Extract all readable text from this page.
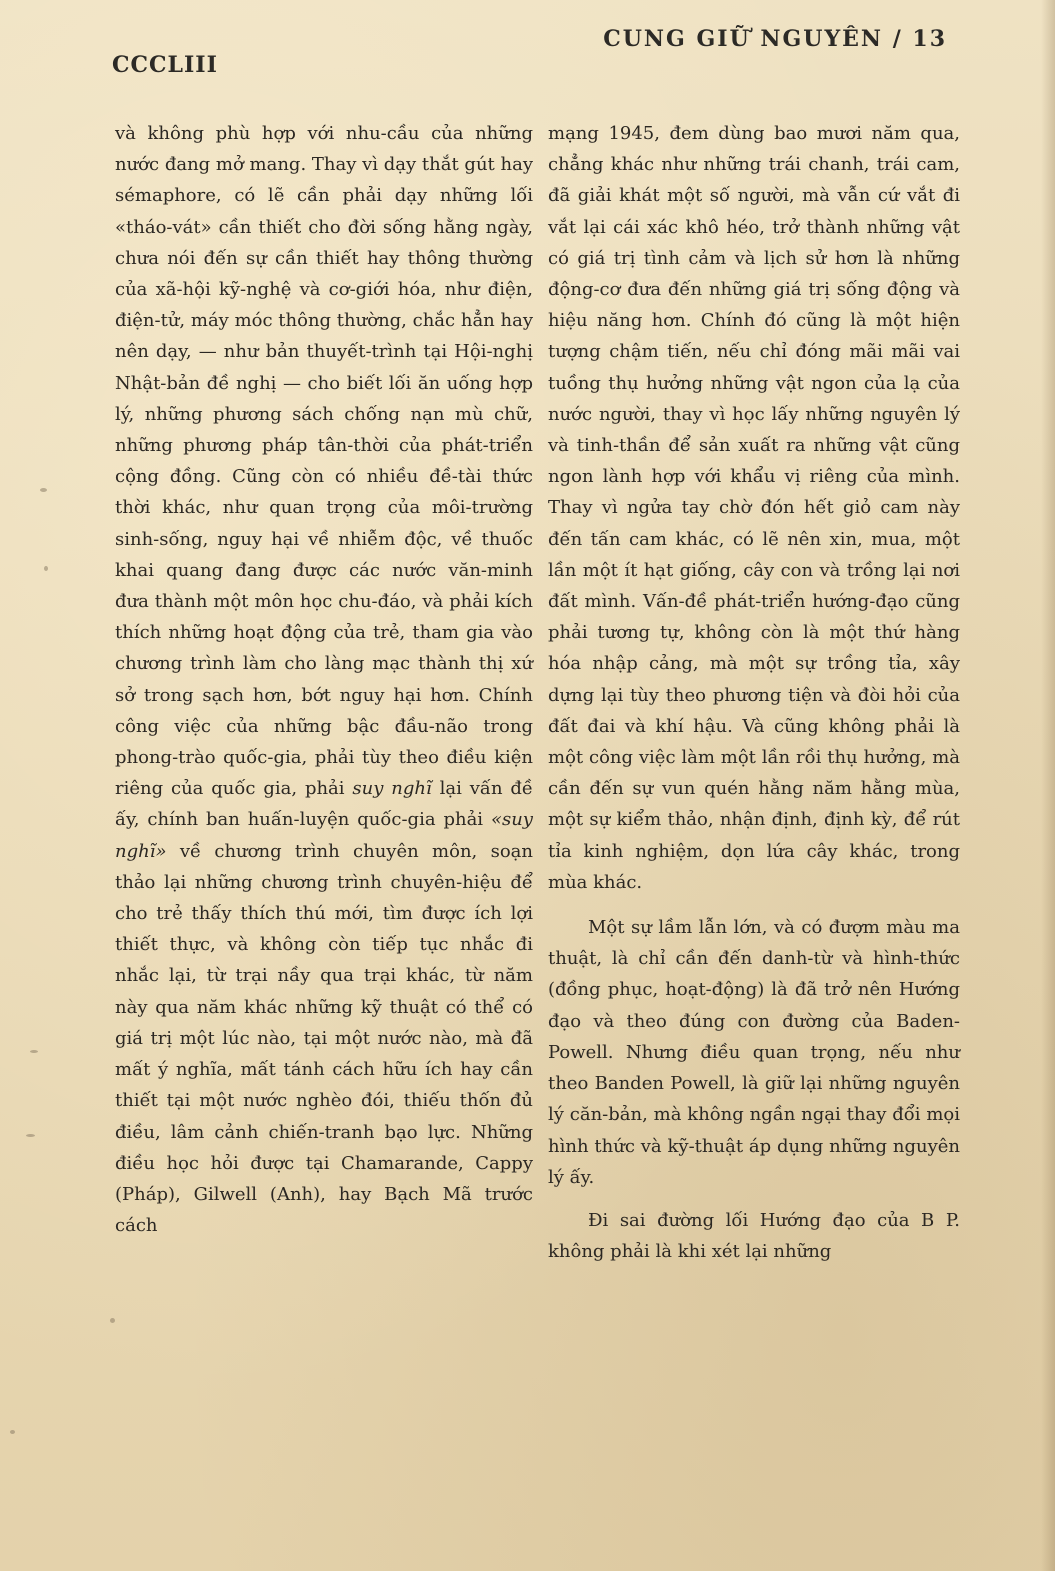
CCCLIII
CUNG GIỮ NGUYÊN / 13

và không phù hợp với nhu-cầu của những nước đang mở mang. Thay vì dạy thắt gút hay sémaphore, có lẽ cần phải dạy những lối «tháo-vát» cần thiết cho đời sống hằng ngày, chưa nói đến sự cần thiết hay thông thường của xã-hội kỹ-nghệ và cơ-giới hóa, như điện, điện-tử, máy móc thông thường, chắc hẳn hay nên dạy, — như bản thuyết-trình tại Hội-nghị Nhật-bản đề nghị — cho biết lối ăn uống hợp lý, những phương sách chống nạn mù chữ, những phương pháp tân-thời của phát-triển cộng đồng. Cũng còn có nhiều đề-tài thức thời khác, như quan trọng của môi-trường sinh-sống, nguy hại về nhiễm độc, về thuốc khai quang đang được các nước văn-minh đưa thành một môn học chu-đáo, và phải kích thích những hoạt động của trẻ, tham gia vào chương trình làm cho làng mạc thành thị xứ sở trong sạch hơn, bớt nguy hại hơn. Chính công việc của những bậc đầu-não trong phong-trào quốc-gia, phải tùy theo điều kiện riêng của quốc gia, phải suy nghĩ lại vấn đề ấy, chính ban huấn-luyện quốc-gia phải «suy nghĩ» về chương trình chuyên môn, soạn thảo lại những chương trình chuyên-hiệu để cho trẻ thấy thích thú mới, tìm được ích lợi thiết thực, và không còn tiếp tục nhắc đi nhắc lại, từ trại nầy qua trại khác, từ năm này qua năm khác những kỹ thuật có thể có giá trị một lúc nào, tại một nước nào, mà đã mất ý nghĩa, mất tánh cách hữu ích hay cần thiết tại một nước nghèo đói, thiếu thốn đủ điều, lâm cảnh chiến-tranh bạo lực. Những điều học hỏi được tại Chamarande, Cappy (Pháp), Gilwell (Anh), hay Bạch Mã trước cách

mạng 1945, đem dùng bao mươi năm qua, chẳng khác như những trái chanh, trái cam, đã giải khát một số người, mà vẫn cứ vắt đi vắt lại cái xác khô héo, trở thành những vật có giá trị tình cảm và lịch sử hơn là những động-cơ đưa đến những giá trị sống động và hiệu năng hơn. Chính đó cũng là một hiện tượng chậm tiến, nếu chỉ đóng mãi mãi vai tuồng thụ hưởng những vật ngon của lạ của nước người, thay vì học lấy những nguyên lý và tinh-thần để sản xuất ra những vật cũng ngon lành hợp với khẩu vị riêng của mình. Thay vì ngửa tay chờ đón hết giỏ cam này đến tấn cam khác, có lẽ nên xin, mua, một lần một ít hạt giống, cây con và trồng lại nơi đất mình. Vấn-đề phát-triển hướng-đạo cũng phải tương tự, không còn là một thứ hàng hóa nhập cảng, mà một sự trồng tỉa, xây dựng lại tùy theo phương tiện và đòi hỏi của đất đai và khí hậu. Và cũng không phải là một công việc làm một lần rồi thụ hưởng, mà cần đến sự vun quén hằng năm hằng mùa, một sự kiểm thảo, nhận định, định kỳ, để rút tỉa kinh nghiệm, dọn lứa cây khác, trong mùa khác.

Một sự lầm lẫn lớn, và có đượm màu ma thuật, là chỉ cần đến danh-từ và hình-thức (đồng phục, hoạt-động) là đã trở nên Hướng đạo và theo đúng con đường của Baden-Powell. Nhưng điều quan trọng, nếu như theo Banden Powell, là giữ lại những nguyên lý căn-bản, mà không ngần ngại thay đổi mọi hình thức và kỹ-thuật áp dụng những nguyên lý ấy.

Đi sai đường lối Hướng đạo của B P. không phải là khi xét lại những
